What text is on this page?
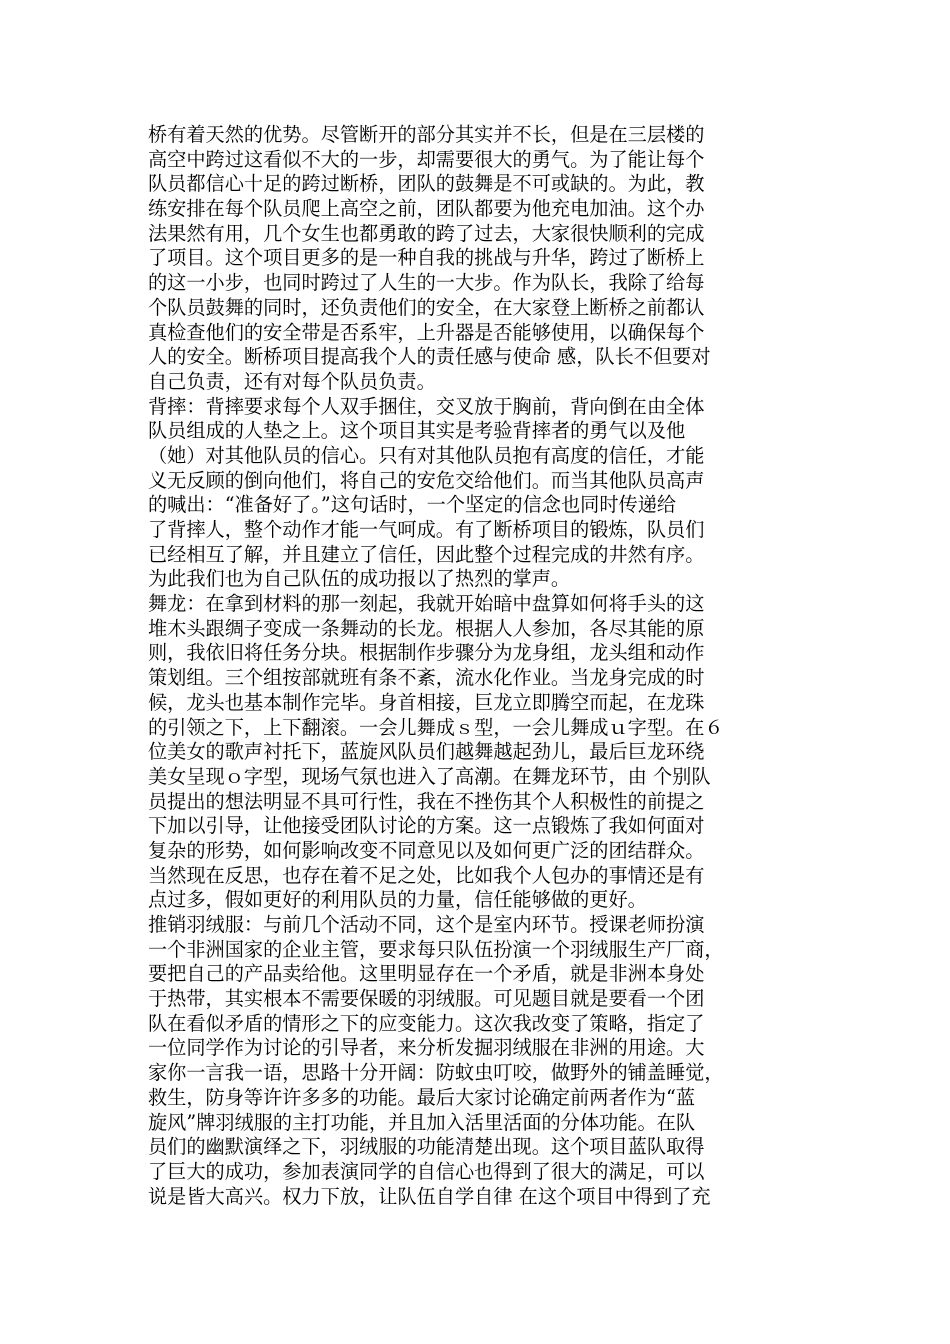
桥有着天然的优势。尽管断开的部分其实并不长，但是在三层楼的
高空中跨过这看似不大的一步，却需要很大的勇气。为了能让每个
队员都信心十足的跨过断桥，团队的鼓舞是不可或缺的。为此，教
练安排在每个队员爬上高空之前，团队都要为他充电加油。这个办
法果然有用，几个女生也都勇敢的跨了过去，大家很快顺利的完成
了项目。这个项目更多的是一种自我的挑战与升华，跨过了断桥上
的这一小步，也同时跨过了人生的一大步。作为队长，我除了给每
个队员鼓舞的同时，还负责他们的安全，在大家登上断桥之前都认
真检查他们的安全带是否系牢，上升器是否能够使用，以确保每个
人的安全。断桥项目提高我个人的责任感与使命 感，队长不但要对
自己负责，还有对每个队员负责。
背摔：背摔要求每个人双手捆住，交叉放于胸前，背向倒在由全体
队员组成的人垫之上。这个项目其实是考验背摔者的勇气以及他
（她）对其他队员的信心。只有对其他队员抱有高度的信任，才能
义无反顾的倒向他们，将自己的安危交给他们。而当其他队员高声
的喊出：“准备好了。”这句话时，一个坚定的信念也同时传递给
了背摔人，整个动作才能一气呵成。有了断桥项目的锻炼，队员们
已经相互了解，并且建立了信任，因此整个过程完成的井然有序。
为此我们也为自己队伍的成功报以了热烈的掌声。
舞龙：在拿到材料的那一刻起，我就开始暗中盘算如何将手头的这
堆木头跟绸子变成一条舞动的长龙。根据人人参加，各尽其能的原
则，我依旧将任务分块。根据制作步骤分为龙身组，龙头组和动作
策划组。三个组按部就班有条不紊，流水化作业。当龙身完成的时
候，龙头也基本制作完毕。身首相接，巨龙立即腾空而起，在龙珠
的引领之下，上下翻滚。一会儿舞成ｓ型，一会儿舞成ｕ字型。在６
位美女的歌声衬托下，蓝旋风队员们越舞越起劲儿，最后巨龙环绕
美女呈现ｏ字型，现场气氛也进入了高潮。在舞龙环节，由 个别队
员提出的想法明显不具可行性，我在不挫伤其个人积极性的前提之
下加以引导，让他接受团队讨论的方案。这一点锻炼了我如何面对
复杂的形势，如何影响改变不同意见以及如何更广泛的团结群众。
当然现在反思，也存在着不足之处，比如我个人包办的事情还是有
点过多，假如更好的利用队员的力量，信任能够做的更好。
推销羽绒服：与前几个活动不同，这个是室内环节。授课老师扮演
一个非洲国家的企业主管，要求每只队伍扮演一个羽绒服生产厂商，
要把自己的产品卖给他。这里明显存在一个矛盾，就是非洲本身处
于热带，其实根本不需要保暖的羽绒服。可见题目就是要看一个团
队在看似矛盾的情形之下的应变能力。这次我改变了策略，指定了
一位同学作为讨论的引导者，来分析发掘羽绒服在非洲的用途。大
家你一言我一语，思路十分开阔：防蚊虫叮咬，做野外的铺盖睡觉，
救生，防身等许许多多的功能。最后大家讨论确定前两者作为“蓝
旋风”牌羽绒服的主打功能，并且加入活里活面的分体功能。在队
员们的幽默演绎之下，羽绒服的功能清楚出现。这个项目蓝队取得
了巨大的成功，参加表演同学的自信心也得到了很大的满足，可以
说是皆大高兴。权力下放，让队伍自学自律 在这个项目中得到了充
